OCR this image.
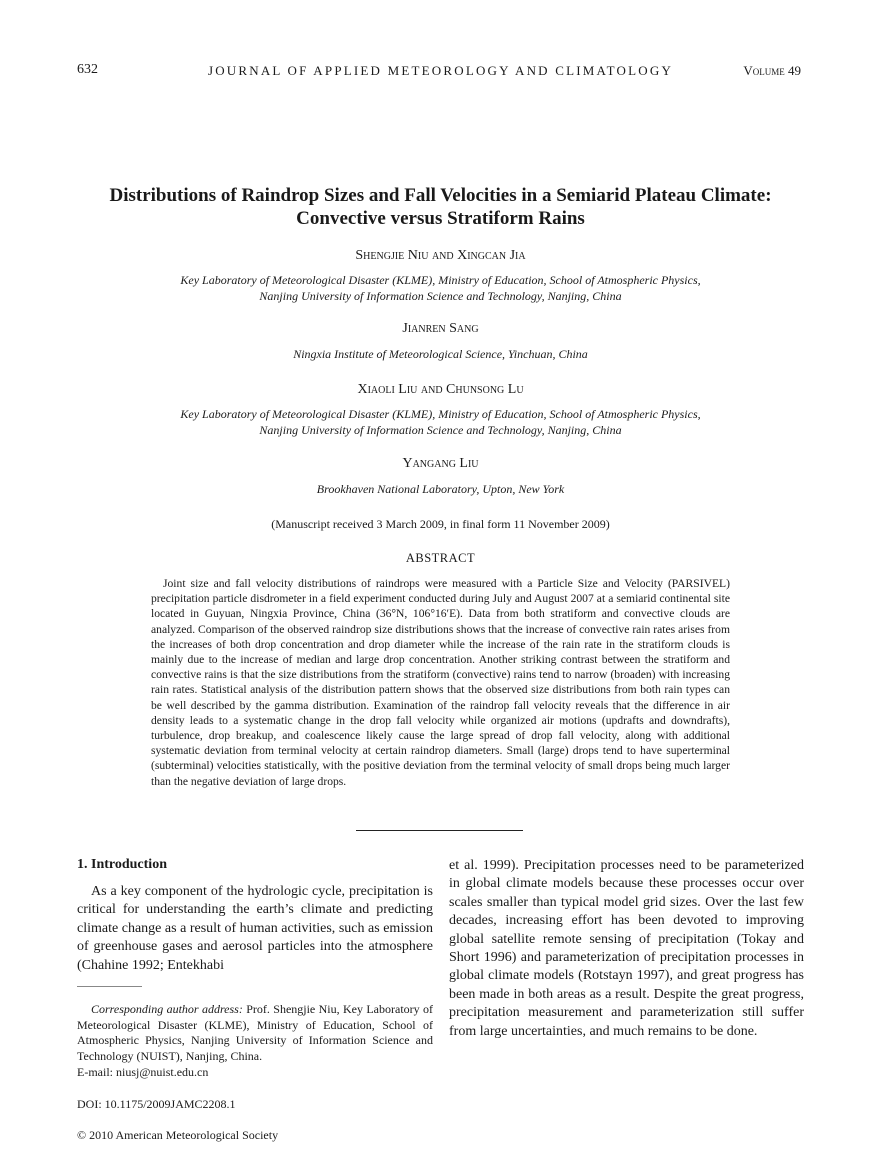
632	JOURNAL OF APPLIED METEOROLOGY AND CLIMATOLOGY	Volume 49
Distributions of Raindrop Sizes and Fall Velocities in a Semiarid Plateau Climate: Convective versus Stratiform Rains
Shengjie Niu and Xingcan Jia
Key Laboratory of Meteorological Disaster (KLME), Ministry of Education, School of Atmospheric Physics,
Nanjing University of Information Science and Technology, Nanjing, China
Jianren Sang
Ningxia Institute of Meteorological Science, Yinchuan, China
Xiaoli Liu and Chunsong Lu
Key Laboratory of Meteorological Disaster (KLME), Ministry of Education, School of Atmospheric Physics,
Nanjing University of Information Science and Technology, Nanjing, China
Yangang Liu
Brookhaven National Laboratory, Upton, New York
(Manuscript received 3 March 2009, in final form 11 November 2009)
ABSTRACT
Joint size and fall velocity distributions of raindrops were measured with a Particle Size and Velocity (PARSIVEL) precipitation particle disdrometer in a field experiment conducted during July and August 2007 at a semiarid continental site located in Guyuan, Ningxia Province, China (36°N, 106°16′E). Data from both stratiform and convective clouds are analyzed. Comparison of the observed raindrop size distributions shows that the increase of convective rain rates arises from the increases of both drop concentration and drop diameter while the increase of the rain rate in the stratiform clouds is mainly due to the increase of median and large drop concentration. Another striking contrast between the stratiform and convective rains is that the size distributions from the stratiform (convective) rains tend to narrow (broaden) with increasing rain rates. Statistical analysis of the distribution pattern shows that the observed size distributions from both rain types can be well described by the gamma distribution. Examination of the raindrop fall velocity reveals that the difference in air density leads to a systematic change in the drop fall velocity while organized air motions (updrafts and downdrafts), turbulence, drop breakup, and coalescence likely cause the large spread of drop fall velocity, along with additional systematic deviation from terminal velocity at certain raindrop diameters. Small (large) drops tend to have superterminal (subterminal) velocities statistically, with the positive deviation from the terminal velocity of small drops being much larger than the negative deviation of large drops.
1. Introduction
As a key component of the hydrologic cycle, precipitation is critical for understanding the earth’s climate and predicting climate change as a result of human activities, such as emission of greenhouse gases and aerosol particles into the atmosphere (Chahine 1992; Entekhabi
et al. 1999). Precipitation processes need to be parameterized in global climate models because these processes occur over scales smaller than typical model grid sizes. Over the last few decades, increasing effort has been devoted to improving global satellite remote sensing of precipitation (Tokay and Short 1996) and parameterization of precipitation processes in global climate models (Rotstayn 1997), and great progress has been made in both areas as a result. Despite the great progress, precipitation measurement and parameterization still suffer from large uncertainties, and much remains to be done.
Corresponding author address: Prof. Shengjie Niu, Key Laboratory of Meteorological Disaster (KLME), Ministry of Education, School of Atmospheric Physics, Nanjing University of Information Science and Technology (NUIST), Nanjing, China.
E-mail: niusj@nuist.edu.cn
DOI: 10.1175/2009JAMC2208.1
© 2010 American Meteorological Society
